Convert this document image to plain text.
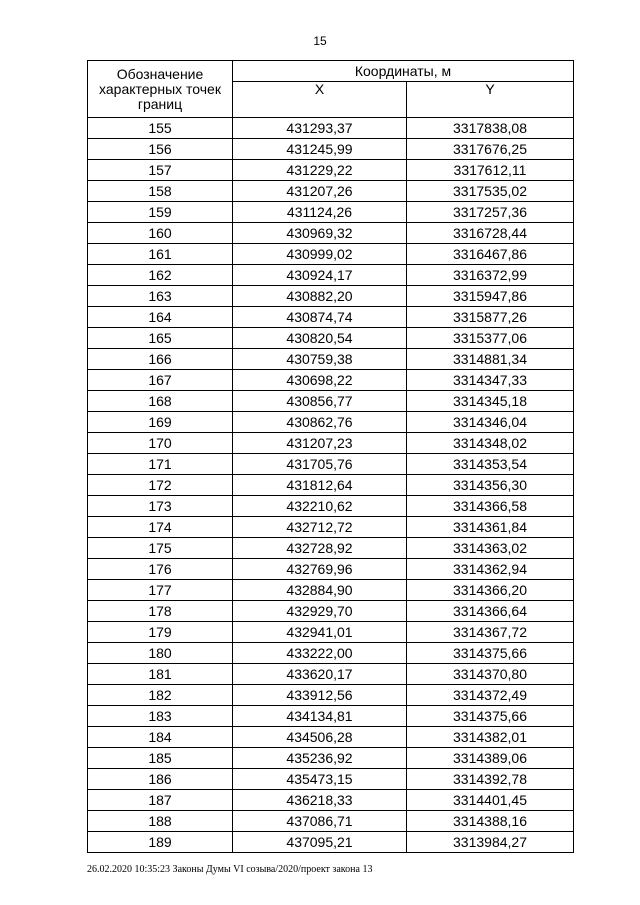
15
Обозначение характерных точек границ	Координаты, м	
	X	Y
155	431293,37	3317838,08
156	431245,99	3317676,25
157	431229,22	3317612,11
158	431207,26	3317535,02
159	431124,26	3317257,36
160	430969,32	3316728,44
161	430999,02	3316467,86
162	430924,17	3316372,99
163	430882,20	3315947,86
164	430874,74	3315877,26
165	430820,54	3315377,06
166	430759,38	3314881,34
167	430698,22	3314347,33
168	430856,77	3314345,18
169	430862,76	3314346,04
170	431207,23	3314348,02
171	431705,76	3314353,54
172	431812,64	3314356,30
173	432210,62	3314366,58
174	432712,72	3314361,84
175	432728,92	3314363,02
176	432769,96	3314362,94
177	432884,90	3314366,20
178	432929,70	3314366,64
179	432941,01	3314367,72
180	433222,00	3314375,66
181	433620,17	3314370,80
182	433912,56	3314372,49
183	434134,81	3314375,66
184	434506,28	3314382,01
185	435236,92	3314389,06
186	435473,15	3314392,78
187	436218,33	3314401,45
188	437086,71	3314388,16
189	437095,21	3313984,27
26.02.2020 10:35:23 Законы Думы VI созыва/2020/проект закона 13
